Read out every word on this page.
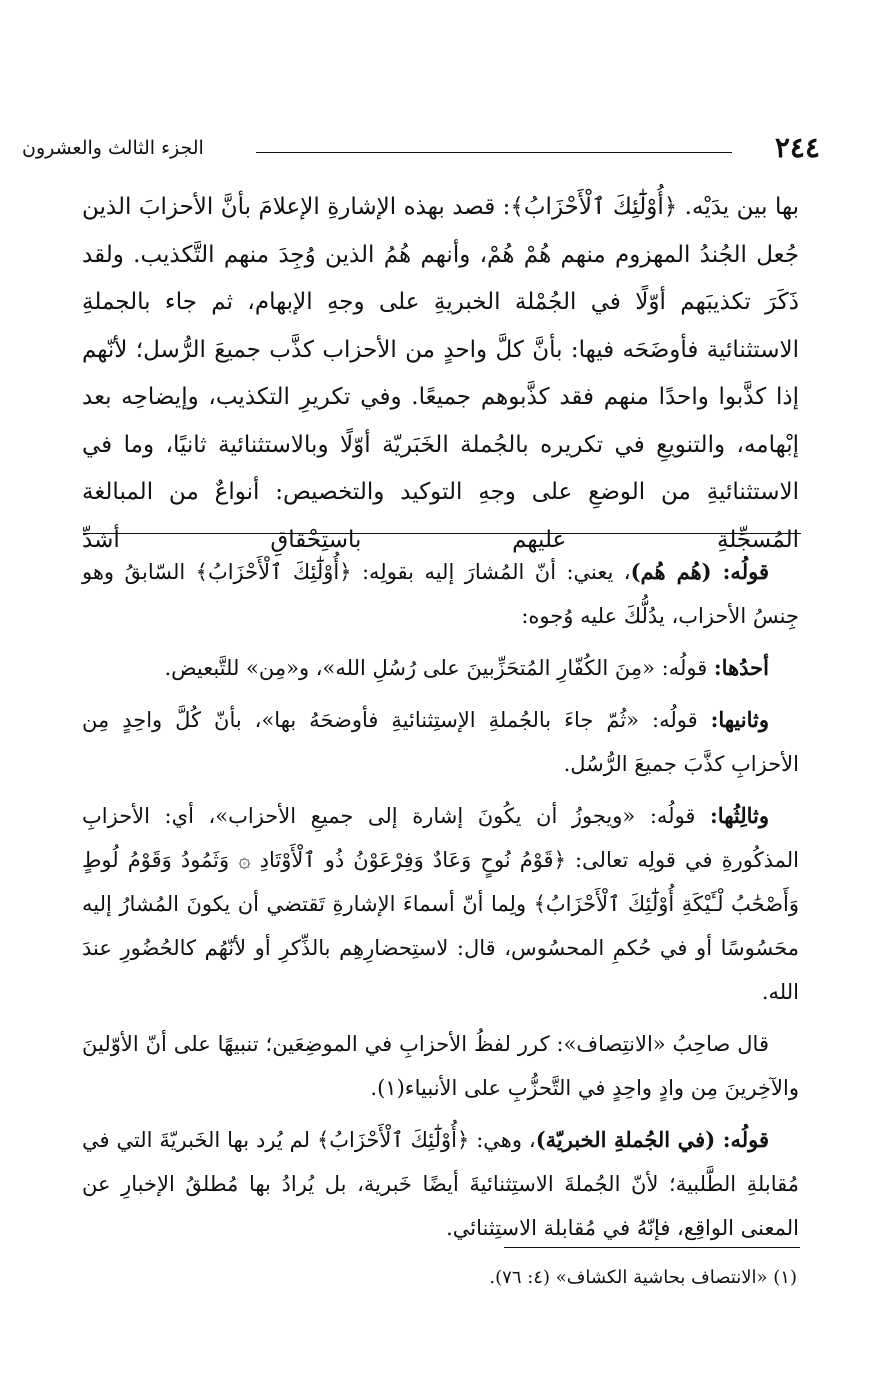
٢٤٤
الجزء الثالث والعشرون

بها بين يدَيْه. ﴿أُوْلَٰٓئِكَ ٱلْأَحْزَابُ﴾: قصد بهذه الإشارةِ الإعلامَ بأنَّ الأحزابَ الذين جُعل الجُندُ المهزوم منهم هُمْ هُمْ، وأنهم هُمُ الذين وُجِدَ منهم التَّكذيب. ولقد ذَكَرَ تكذيبَهم أوّلًا في الجُمْلة الخبريةِ على وجهِ الإبهام، ثم جاء بالجملةِ الاستثنائية فأوضَحَه فيها: بأنَّ كلَّ واحدٍ من الأحزاب كذَّب جميعَ الرُّسل؛ لأنّهم إذا كذَّبوا واحدًا منهم فقد كذَّبوهم جميعًا. وفي تكريرِ التكذيب، وإيضاحِه بعد إبْهامه، والتنويعِ في تكريره بالجُملة الخَبَريّة أوّلًا وبالاستثنائية ثانيًا، وما في الاستثنائيةِ من الوضعِ على وجهِ التوكيد والتخصيص: أنواعٌ من المبالغة المُسجِّلةِ عليهم باستِحْقاقِ أشدِّ

قولُه: (هُم هُم)، يعني: أنّ المُشارَ إليه بقولِه: ﴿أُوْلَٰٓئِكَ ٱلْأَحْزَابُ﴾ السّابقُ وهو جِنسُ الأحزاب، يدُلُّكَ عليه وُجوه:

أحدُها: قولُه: «مِنَ الكُفّارِ المُتحَزِّبينَ على رُسُلِ الله»، و«مِن» للتَّبعيض.

وثانيها: قولُه: «ثُمّ جاءَ بالجُملةِ الإستِثنائيةِ فأوضحَهُ بها»، بأنّ كُلَّ واحِدٍ مِن الأحزابِ كذَّبَ جميعَ الرُّسُل.

وثالِثُها: قولُه: «ويجوزُ أن يكُونَ إشارة إلى جميعِ الأحزاب»، أي: الأحزابِ المذكُورةِ في قولِه تعالى: ﴿قَوْمُ نُوحٍ وَعَادٌ وَفِرْعَوْنُ ذُو ٱلْأَوْتَادِ ۞ وَثَمُودُ وَقَوْمُ لُوطٍ وَأَصْحَٰبُ لْـَٔيْكَةِ أُوْلَٰٓئِكَ ٱلْأَحْزَابُ﴾ ولِما أنّ أسماءَ الإشارةِ تَقتضي أن يكونَ المُشارُ إليه محَسُوسًا أو في حُكمِ المحسُوس، قال: لاستِحضارِهِم بالذِّكرِ أو لأنّهُم كالحُضُورِ عندَ الله.

قال صاحِبُ «الانتِصاف»: كرر لفظُ الأحزابِ في الموضِعَين؛ تنبيهًا على أنّ الأوّلينَ والآخِرينَ مِن وادٍ واحِدٍ في التَّحزُّبِ على الأنبياء(١).

قولُه: (في الجُملةِ الخبريّة)، وهي: ﴿أُوْلَٰٓئِكَ ٱلْأَحْزَابُ﴾ لم يُرد بها الخَبريّةَ التي في مُقابلةِ الطَّلبية؛ لأنّ الجُملةَ الاستِثنائيةَ أيضًا خَبرية، بل يُرادُ بها مُطلقُ الإخبارِ عن المعنى الواقِع، فإنّهُ في مُقابلة الاستِثنائي.

(١) «الانتصاف بحاشية الكشاف» (٤: ٧٦).
